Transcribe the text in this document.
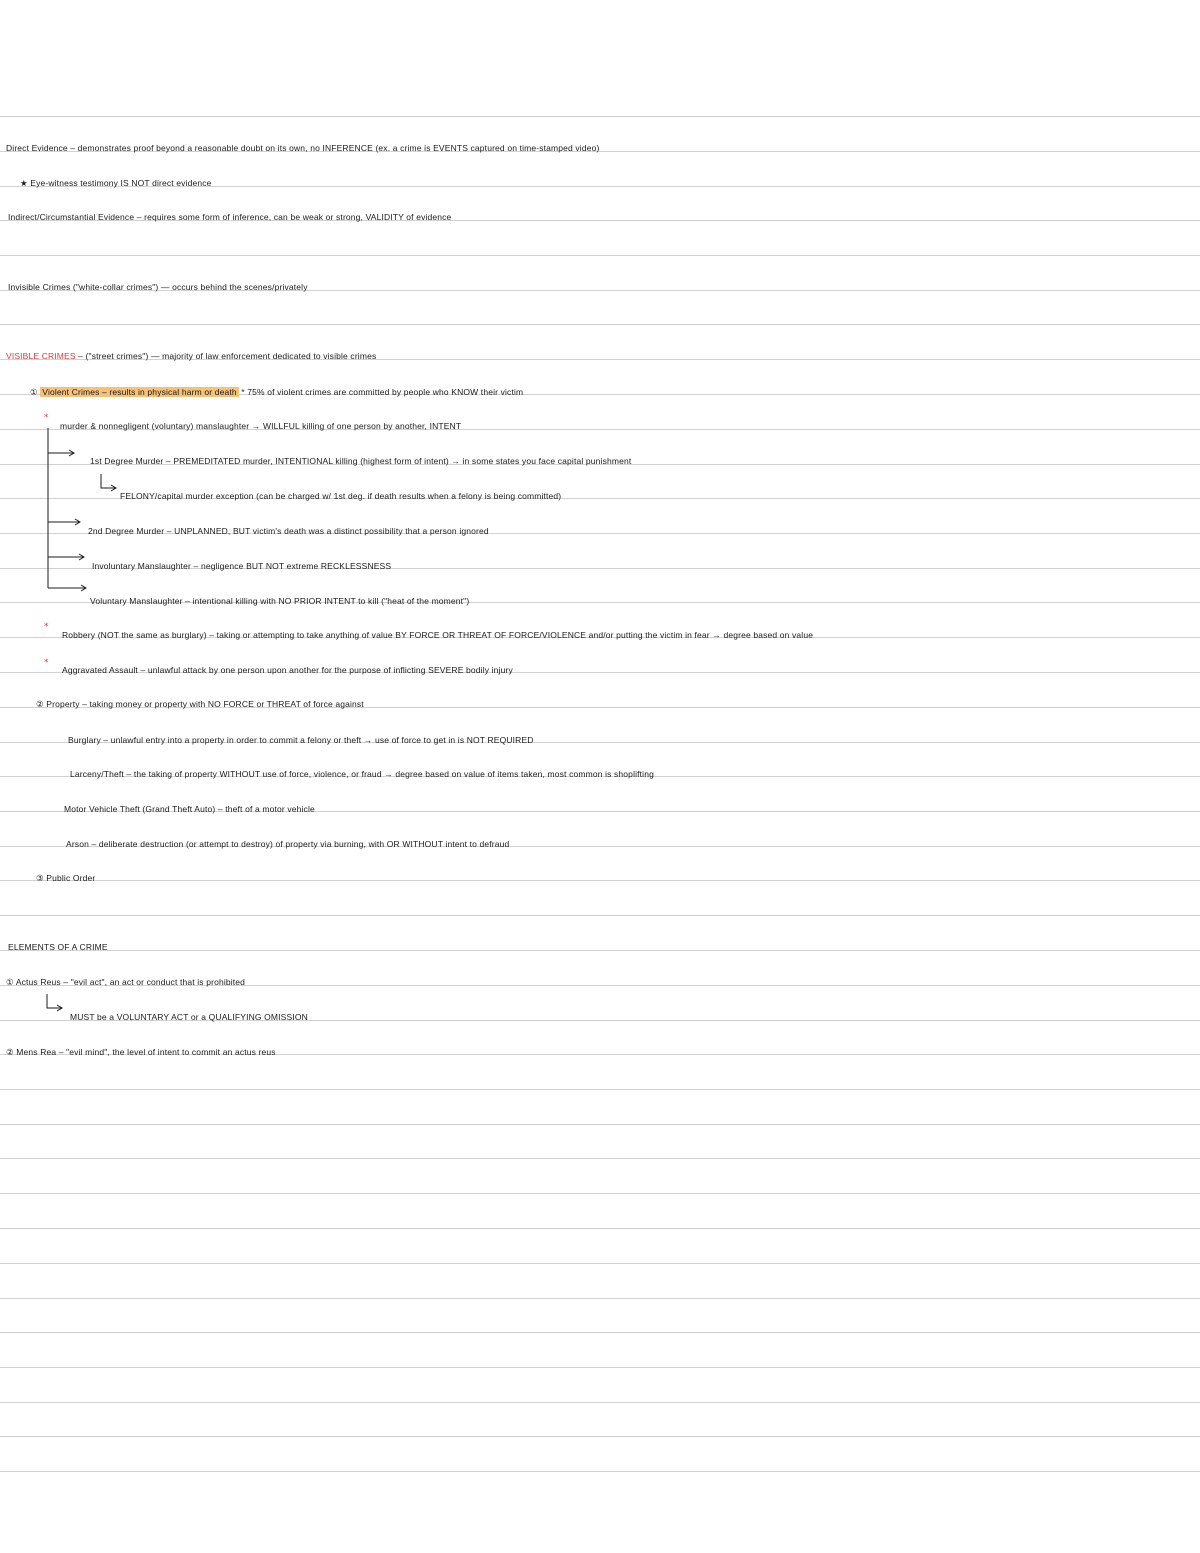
Direct Evidence – demonstrates proof beyond a reasonable doubt on its own, no INFERENCE (ex. a crime is EVENTS captured on time-stamped video)
★ Eye-witness testimony IS NOT direct evidence
Indirect/Circumstantial Evidence – requires some form of inference, can be weak or strong, VALIDITY of evidence
Invisible Crimes ("white-collar crimes") — occurs behind the scenes/privately
VISIBLE CRIMES – ("street crimes") — majority of law enforcement dedicated to visible crimes
① Violent Crimes – results in physical harm or death * 75% of violent crimes are committed by people who KNOW their victim
*
*
*
murder & nonnegligent (voluntary) manslaughter → WILLFUL killing of one person by another, INTENT
1st Degree Murder – PREMEDITATED murder, INTENTIONAL killing (highest form of intent) → in some states you face capital punishment
FELONY/capital murder exception (can be charged w/ 1st deg. if death results when a felony is being committed)
2nd Degree Murder – UNPLANNED, BUT victim's death was a distinct possibility that a person ignored
Involuntary Manslaughter – negligence BUT NOT extreme RECKLESSNESS
Voluntary Manslaughter – intentional killing with NO PRIOR INTENT to kill ("heat of the moment")
Robbery (NOT the same as burglary) – taking or attempting to take anything of value BY FORCE OR THREAT OF FORCE/VIOLENCE and/or putting the victim in fear → degree based on value
Aggravated Assault – unlawful attack by one person upon another for the purpose of inflicting SEVERE bodily injury
② Property – taking money or property with NO FORCE or THREAT of force against
Burglary – unlawful entry into a property in order to commit a felony or theft → use of force to get in is NOT REQUIRED
Larceny/Theft – the taking of property WITHOUT use of force, violence, or fraud → degree based on value of items taken, most common is shoplifting
Motor Vehicle Theft (Grand Theft Auto) – theft of a motor vehicle
Arson – deliberate destruction (or attempt to destroy) of property via burning, with OR WITHOUT intent to defraud
③ Public Order
ELEMENTS OF A CRIME
① Actus Reus – "evil act", an act or conduct that is prohibited
MUST be a VOLUNTARY ACT or a QUALIFYING OMISSION
② Mens Rea – "evil mind", the level of intent to commit an actus reus
